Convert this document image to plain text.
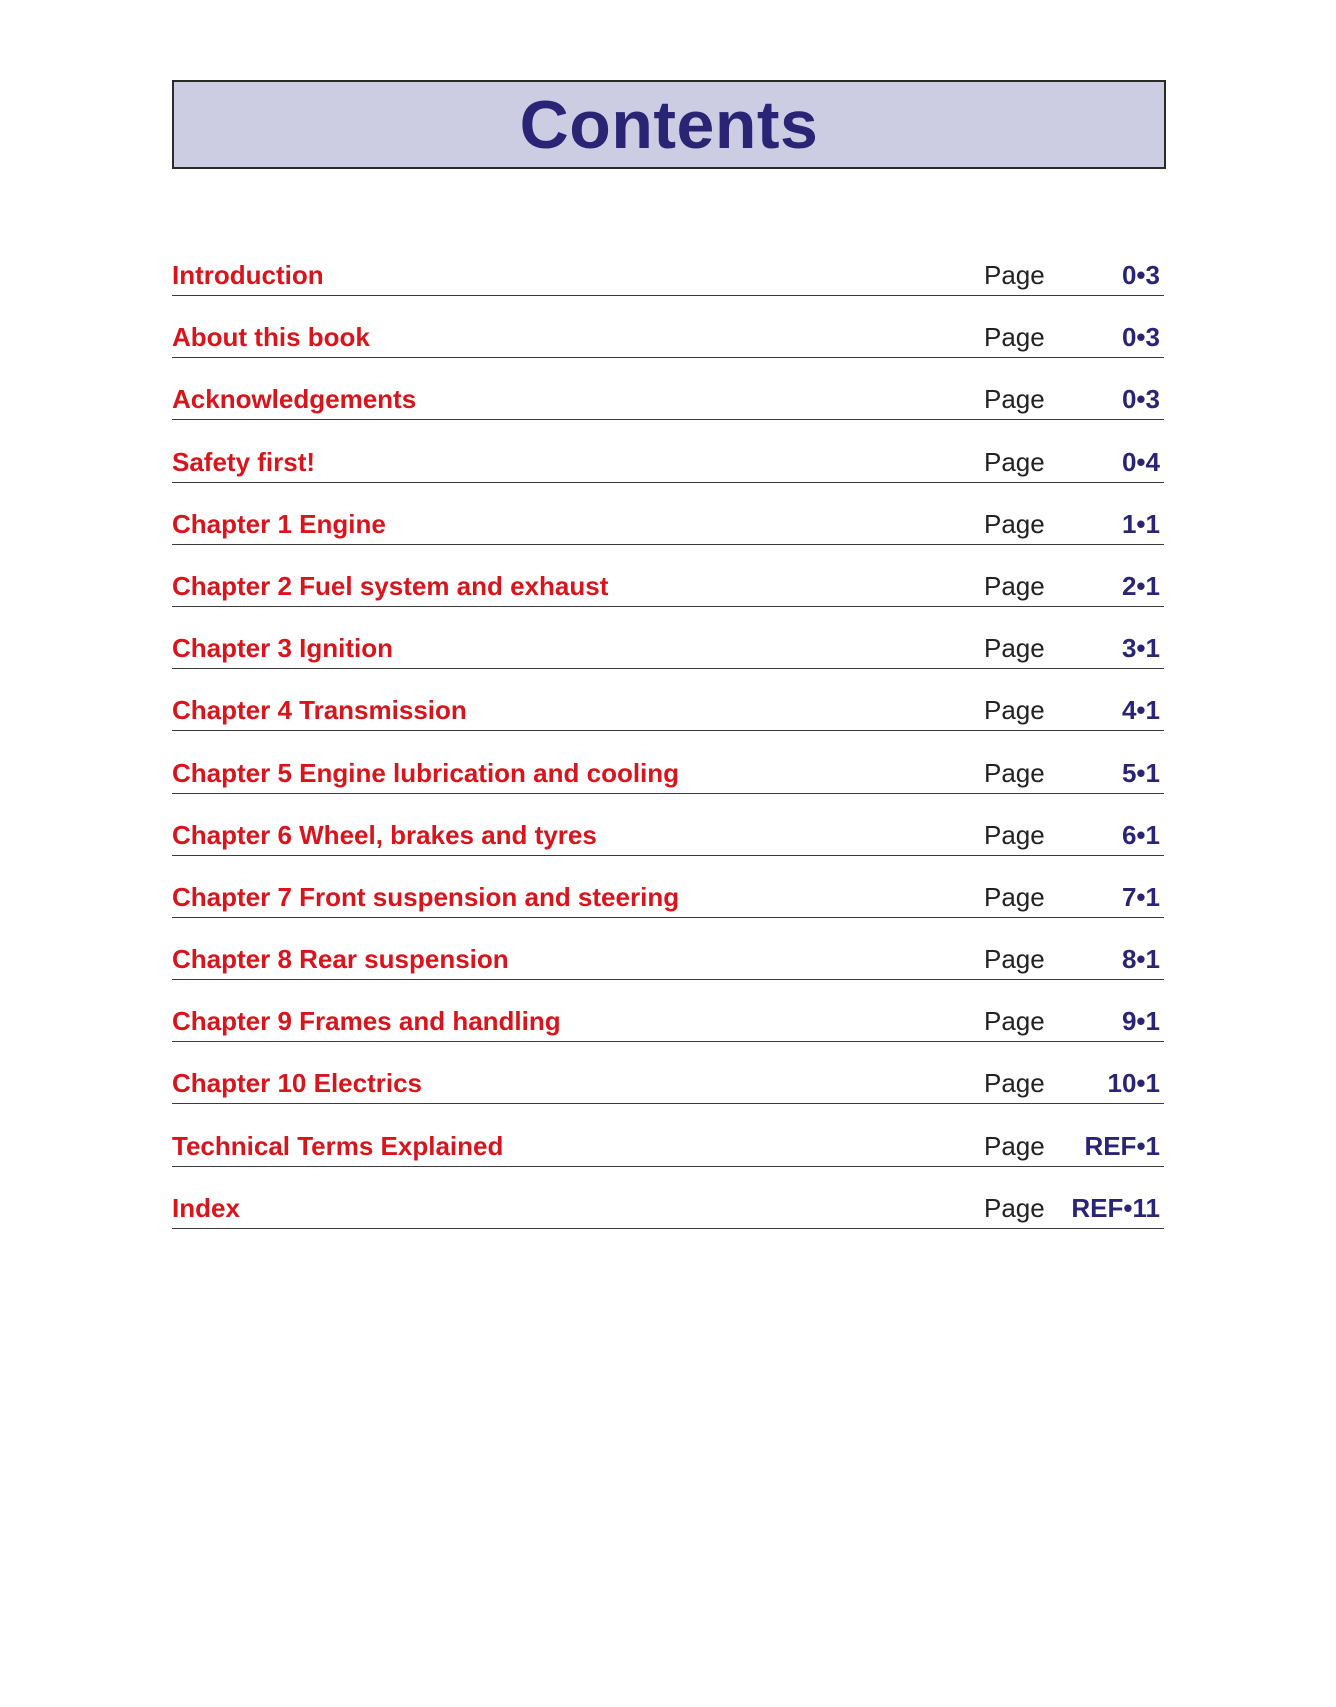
Contents
Introduction	Page	0•3
About this book	Page	0•3
Acknowledgements	Page	0•3
Safety first!	Page	0•4
Chapter 1 Engine	Page	1•1
Chapter 2 Fuel system and exhaust	Page	2•1
Chapter 3 Ignition	Page	3•1
Chapter 4 Transmission	Page	4•1
Chapter 5 Engine lubrication and cooling	Page	5•1
Chapter 6 Wheel, brakes and tyres	Page	6•1
Chapter 7 Front suspension and steering	Page	7•1
Chapter 8 Rear suspension	Page	8•1
Chapter 9 Frames and handling	Page	9•1
Chapter 10 Electrics	Page 10•1
Technical Terms Explained	Page REF•1
Index	Page REF•11
